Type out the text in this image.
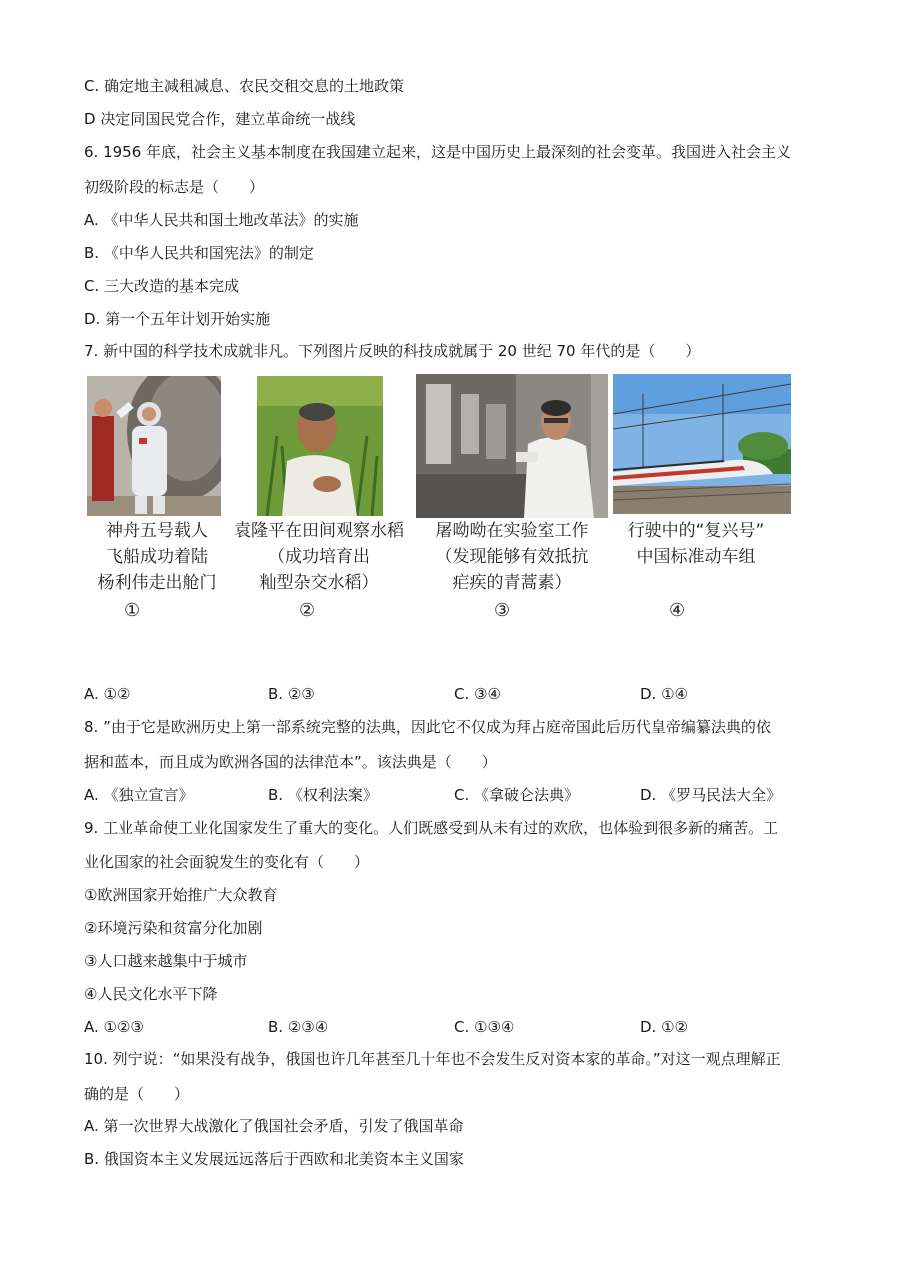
C. 确定地主减租减息、农民交租交息的土地政策
D 决定同国民党合作，建立革命统一战线
6. 1956 年底，社会主义基本制度在我国建立起来，这是中国历史上最深刻的社会变革。我国进入社会主义
初级阶段的标志是（　　）
A. 《中华人民共和国土地改革法》的实施
B. 《中华人民共和国宪法》的制定
C. 三大改造的基本完成
D. 第一个五年计划开始实施
7. 新中国的科学技术成就非凡。下列图片反映的科技成就属于 20 世纪 70 年代的是（　　）
神舟五号载人
飞船成功着陆
杨利伟走出舱门
袁隆平在田间观察水稻
（成功培育出
籼型杂交水稻）
屠呦呦在实验室工作
（发现能够有效抵抗
疟疾的青蒿素）
行驶中的“复兴号”
中国标准动车组
①	②	③	④
A. ①②	B. ②③	C. ③④	D. ①④
8. ”由于它是欧洲历史上第一部系统完整的法典，因此它不仅成为拜占庭帝国此后历代皇帝编纂法典的依
据和蓝本，而且成为欧洲各国的法律范本”。该法典是（　　）
A. 《独立宣言》	B. 《权利法案》	C. 《拿破仑法典》	D. 《罗马民法大全》
9. 工业革命使工业化国家发生了重大的变化。人们既感受到从未有过的欢欣，也体验到很多新的痛苦。工
业化国家的社会面貌发生的变化有（　　）
①欧洲国家开始推广大众教育
②环境污染和贫富分化加剧
③人口越来越集中于城市
④人民文化水平下降
A. ①②③	B. ②③④	C. ①③④	D. ①②
10. 列宁说：“如果没有战争，俄国也许几年甚至几十年也不会发生反对资本家的革命。”对这一观点理解正
确的是（　　）
A. 第一次世界大战激化了俄国社会矛盾，引发了俄国革命
B. 俄国资本主义发展远远落后于西欧和北美资本主义国家
